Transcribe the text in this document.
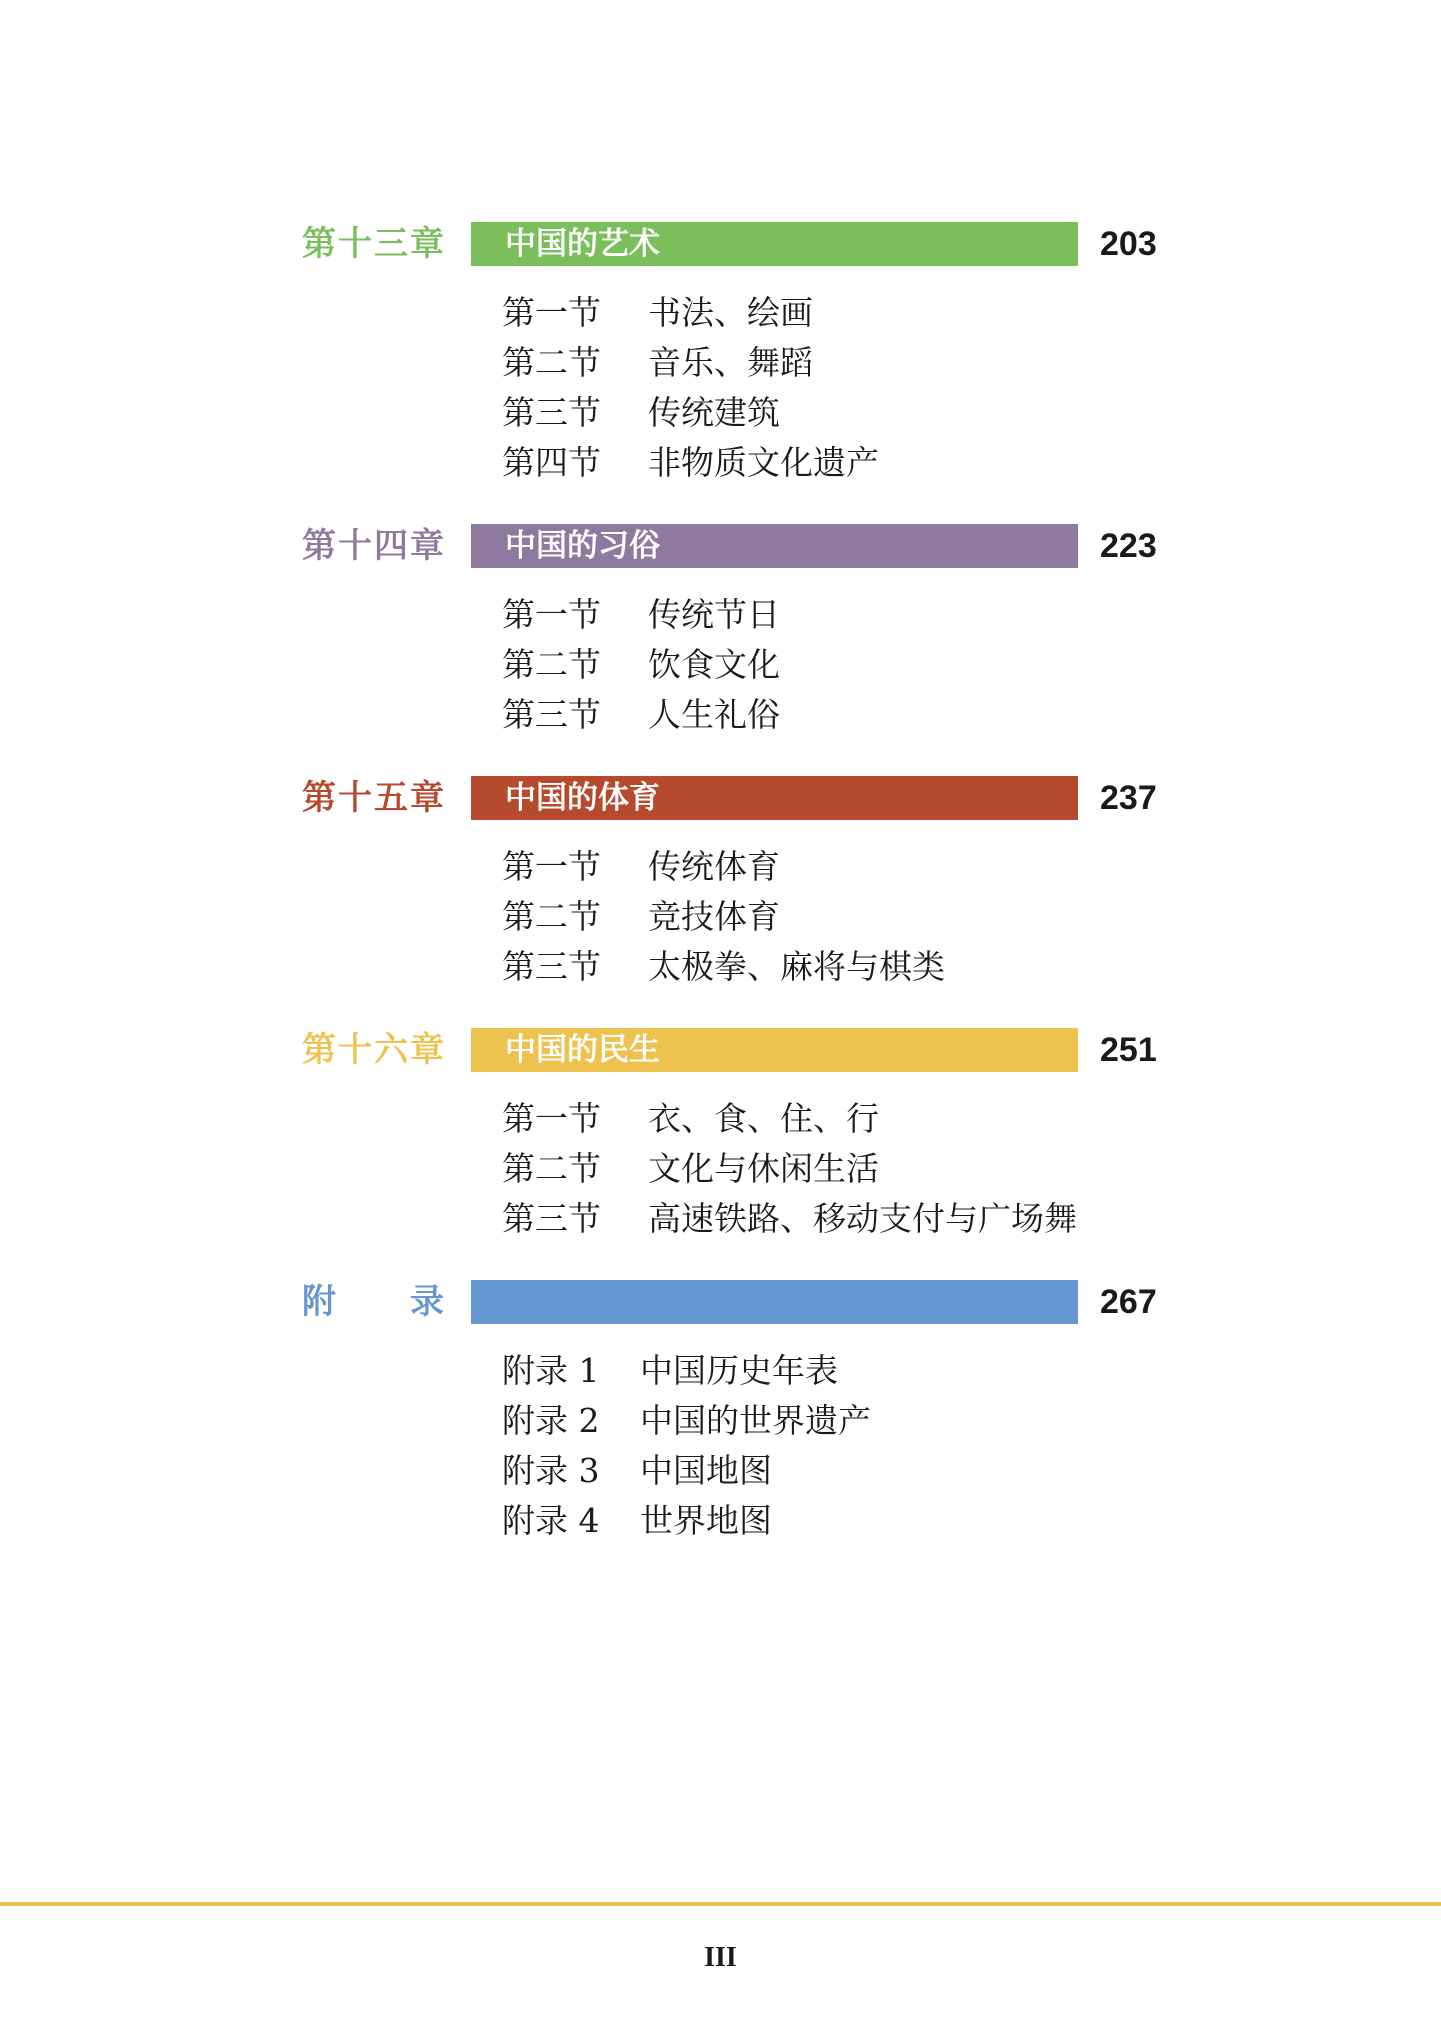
第十三章 中国的艺术	203
第一节 书法、绘画
第二节 音乐、舞蹈
第三节 传统建筑
第四节 非物质文化遗产
第十四章 中国的习俗	223
第一节 传统节日
第二节 饮食文化
第三节 人生礼俗
第十五章 中国的体育	237
第一节 传统体育
第二节 竞技体育
第三节 太极拳、麻将与棋类
第十六章 中国的民生	251
第一节 衣、食、住、行
第二节 文化与休闲生活
第三节 高速铁路、移动支付与广场舞
附　　录	267
附录 1 中国历史年表
附录 2 中国的世界遗产
附录 3 中国地图
附录 4 世界地图
III
